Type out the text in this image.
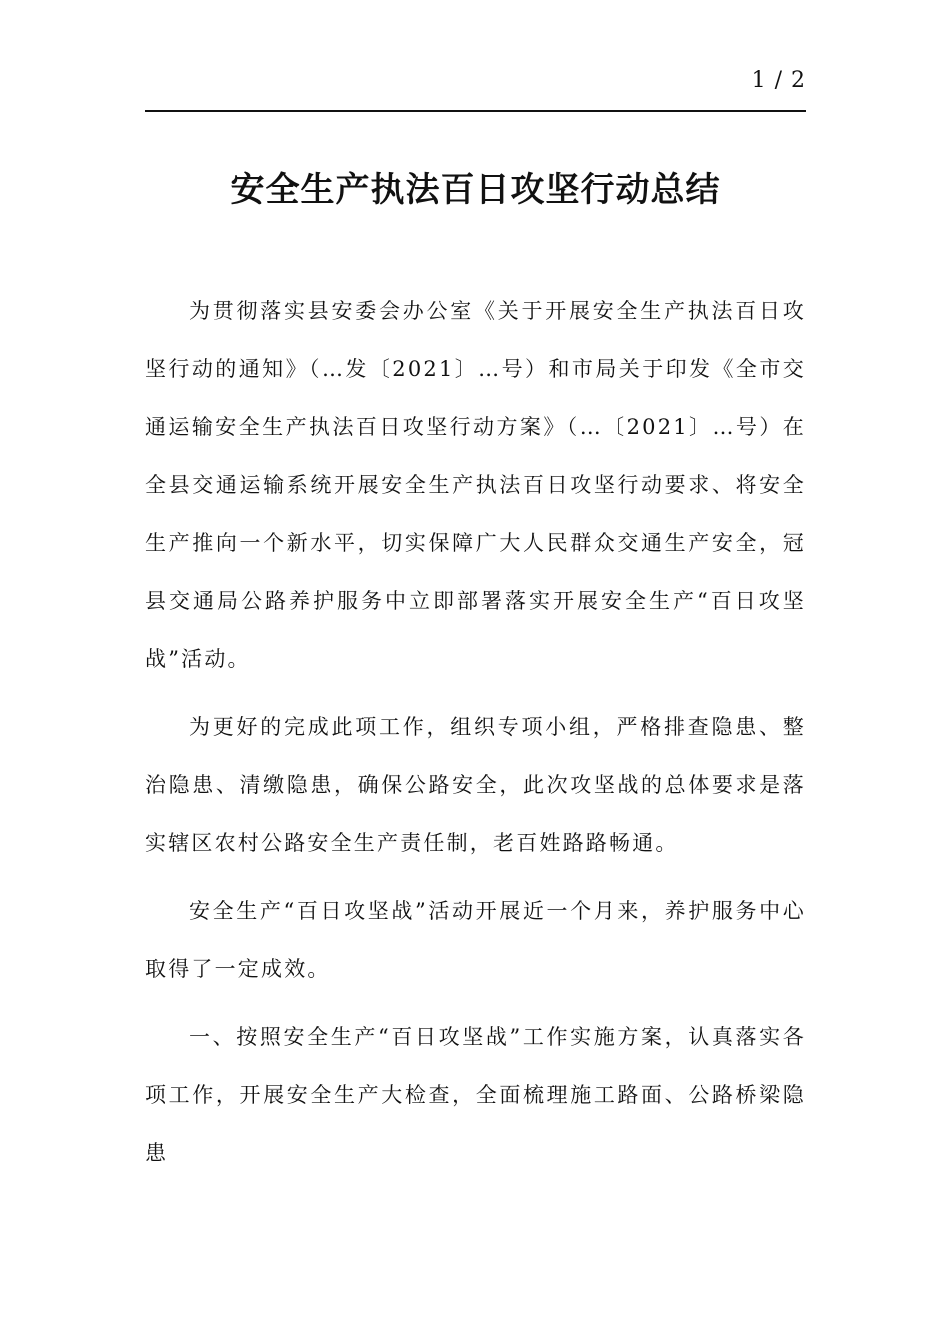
1 / 2
安全生产执法百日攻坚行动总结

为贯彻落实县安委会办公室《关于开展安全生产执法百日攻坚行动的通知》（…发〔2021〕…号）和市局关于印发《全市交通运输安全生产执法百日攻坚行动方案》（…〔2021〕…号）在全县交通运输系统开展安全生产执法百日攻坚行动要求、将安全生产推向一个新水平，切实保障广大人民群众交通生产安全，冠县交通局公路养护服务中立即部署落实开展安全生产“百日攻坚战”活动。

为更好的完成此项工作，组织专项小组，严格排查隐患、整治隐患、清缴隐患，确保公路安全，此次攻坚战的总体要求是落实辖区农村公路安全生产责任制，老百姓路路畅通。

安全生产“百日攻坚战”活动开展近一个月来，养护服务中心取得了一定成效。

一、按照安全生产“百日攻坚战”工作实施方案，认真落实各项工作，开展安全生产大检查，全面梳理施工路面、公路桥梁隐患
